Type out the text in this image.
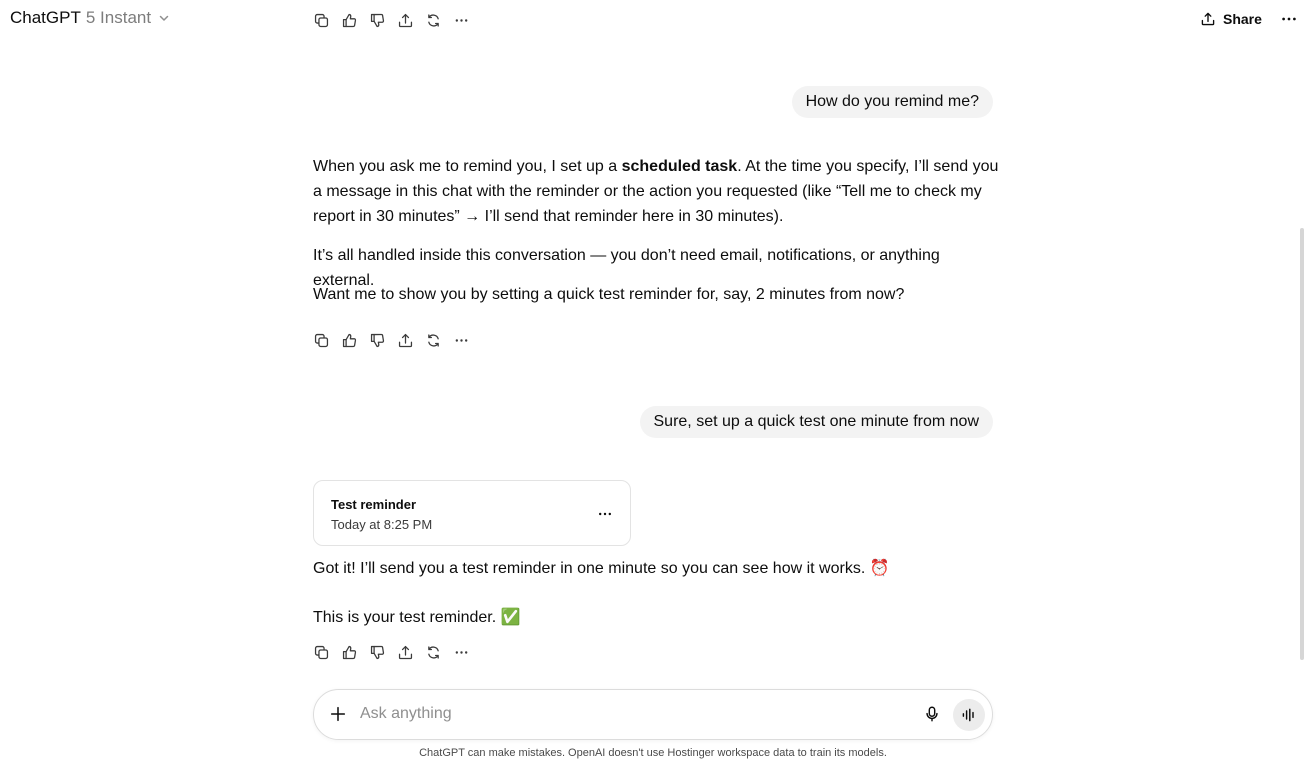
ChatGPT 5 Instant	Share
How do you remind me?

When you ask me to remind you, I set up a scheduled task. At the time you specify, I’ll send you a message in this chat with the reminder or the action you requested (like “Tell me to check my report in 30 minutes” → I’ll send that reminder here in 30 minutes).

It’s all handled inside this conversation — you don’t need email, notifications, or anything external.

Want me to show you by setting a quick test reminder for, say, 2 minutes from now?

Sure, set up a quick test one minute from now
Test reminder
Today at 8:25 PM

Got it! I’ll send you a test reminder in one minute so you can see how it works. ⏰

This is your test reminder. ✅

Ask anything
ChatGPT can make mistakes. OpenAI doesn't use Hostinger workspace data to train its models.
